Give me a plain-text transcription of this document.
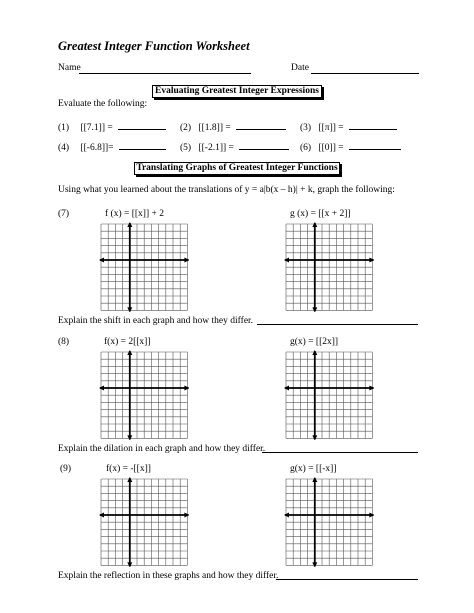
Greatest Integer Function Worksheet
Name	Date
Evaluating Greatest Integer Expressions
Evaluate the following:
(1) [[7.1]] =	(2) [[1.8]] =	(3) [[π]] =
(4) [[-6.8]]=	(5) [[-2.1]] =	(6) [[0]] =
Translating Graphs of Greatest Integer Functions
Using what you learned about the translations of y = a|b(x – h)| + k, graph the following:
(7)	f (x) = [[x]] + 2	g (x) = [[x + 2]]
Explain the shift in each graph and how they differ.
(8)	f(x) = 2[[x]]	g(x) = [[2x]]
Explain the dilation in each graph and how they differ.
(9)	f(x) = -[[x]]	g(x) = [[-x]]
Explain the reflection in these graphs and how they differ.
